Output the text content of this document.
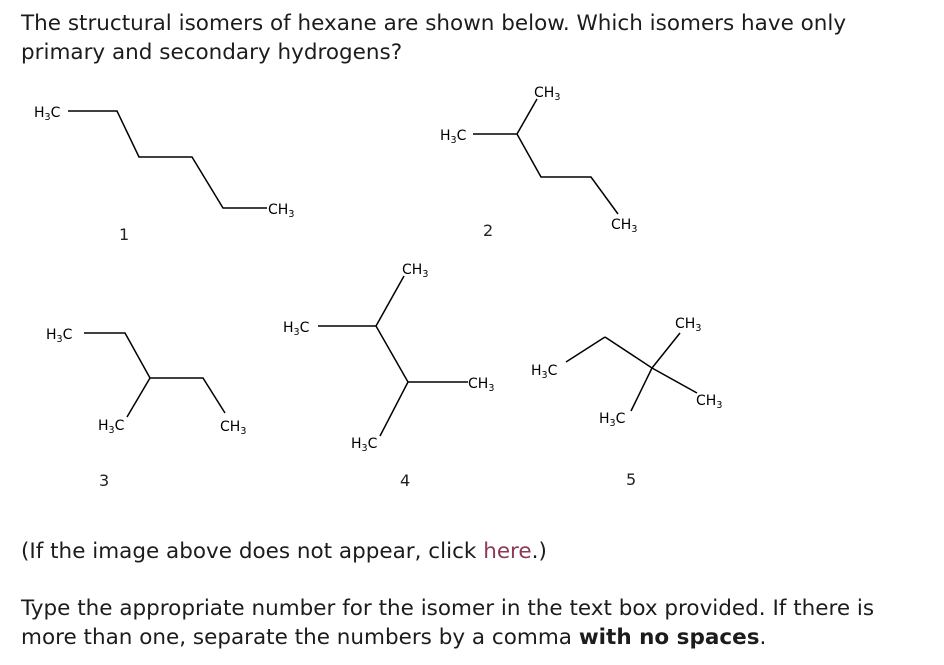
The structural isomers of hexane are shown below. Which isomers have only primary and secondary hydrogens?

H3C
$CH_3$
1
H3C
$CH_3$
$CH_3$
2
H3C
H3C	$CH_3$
3
H3C
$CH_3$
$CH_3$
H3C
4
H3C
$CH_3$
$CH_3$
H3C
5

(If the image above does not appear, click here.)

Type the appropriate number for the isomer in the text box provided. If there is more than one, separate the numbers by a comma with no spaces.
